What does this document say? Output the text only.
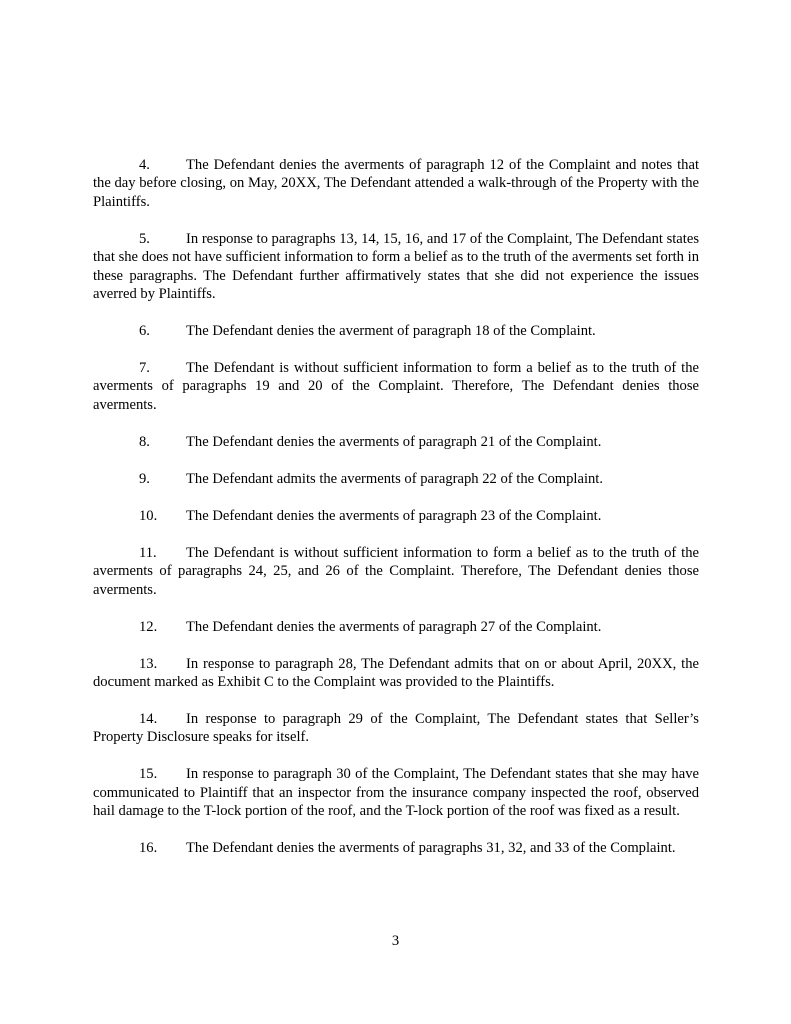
4. The Defendant denies the averments of paragraph 12 of the Complaint and notes that the day before closing, on May, 20XX, The Defendant attended a walk-through of the Property with the Plaintiffs.

5. In response to paragraphs 13, 14, 15, 16, and 17 of the Complaint, The Defendant states that she does not have sufficient information to form a belief as to the truth of the averments set forth in these paragraphs. The Defendant further affirmatively states that she did not experience the issues averred by Plaintiffs.

6. The Defendant denies the averment of paragraph 18 of the Complaint.

7. The Defendant is without sufficient information to form a belief as to the truth of the averments of paragraphs 19 and 20 of the Complaint. Therefore, The Defendant denies those averments.

8. The Defendant denies the averments of paragraph 21 of the Complaint.

9. The Defendant admits the averments of paragraph 22 of the Complaint.

10. The Defendant denies the averments of paragraph 23 of the Complaint.

11. The Defendant is without sufficient information to form a belief as to the truth of the averments of paragraphs 24, 25, and 26 of the Complaint. Therefore, The Defendant denies those averments.

12. The Defendant denies the averments of paragraph 27 of the Complaint.

13. In response to paragraph 28, The Defendant admits that on or about April, 20XX, the document marked as Exhibit C to the Complaint was provided to the Plaintiffs.

14. In response to paragraph 29 of the Complaint, The Defendant states that Seller’s Property Disclosure speaks for itself.

15. In response to paragraph 30 of the Complaint, The Defendant states that she may have communicated to Plaintiff that an inspector from the insurance company inspected the roof, observed hail damage to the T-lock portion of the roof, and the T-lock portion of the roof was fixed as a result.

16. The Defendant denies the averments of paragraphs 31, 32, and 33 of the Complaint.

3
